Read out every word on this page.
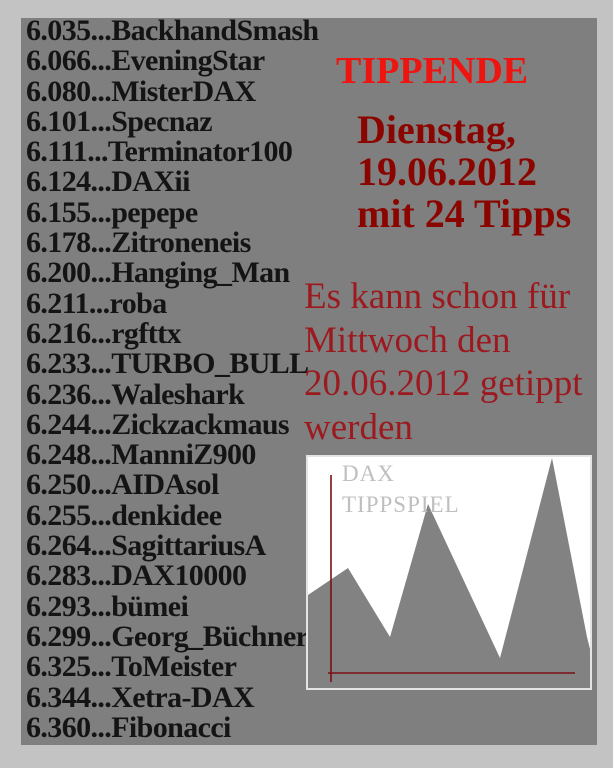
6.035...BackhandSmash
6.066...EveningStar
6.080...MisterDAX
6.101...Specnaz
6.111...Terminator100
6.124...DAXii
6.155...pepepe
6.178...Zitroneneis
6.200...Hanging_Man
6.211...roba
6.216...rgfttx
6.233...TURBO_BULL
6.236...Waleshark
6.244...Zickzackmaus
6.248...ManniZ900
6.250...AIDAsol
6.255...denkidee
6.264...SagittariusA
6.283...DAX10000
6.293...bümei
6.299...Georg_Büchner
6.325...ToMeister
6.344...Xetra-DAX
6.360...Fibonacci
TIPPENDE
Dienstag,
19.06.2012
mit 24 Tipps
Es kann schon für
Mittwoch den
20.06.2012 getippt
werden
DAX
TIPPSPIEL
